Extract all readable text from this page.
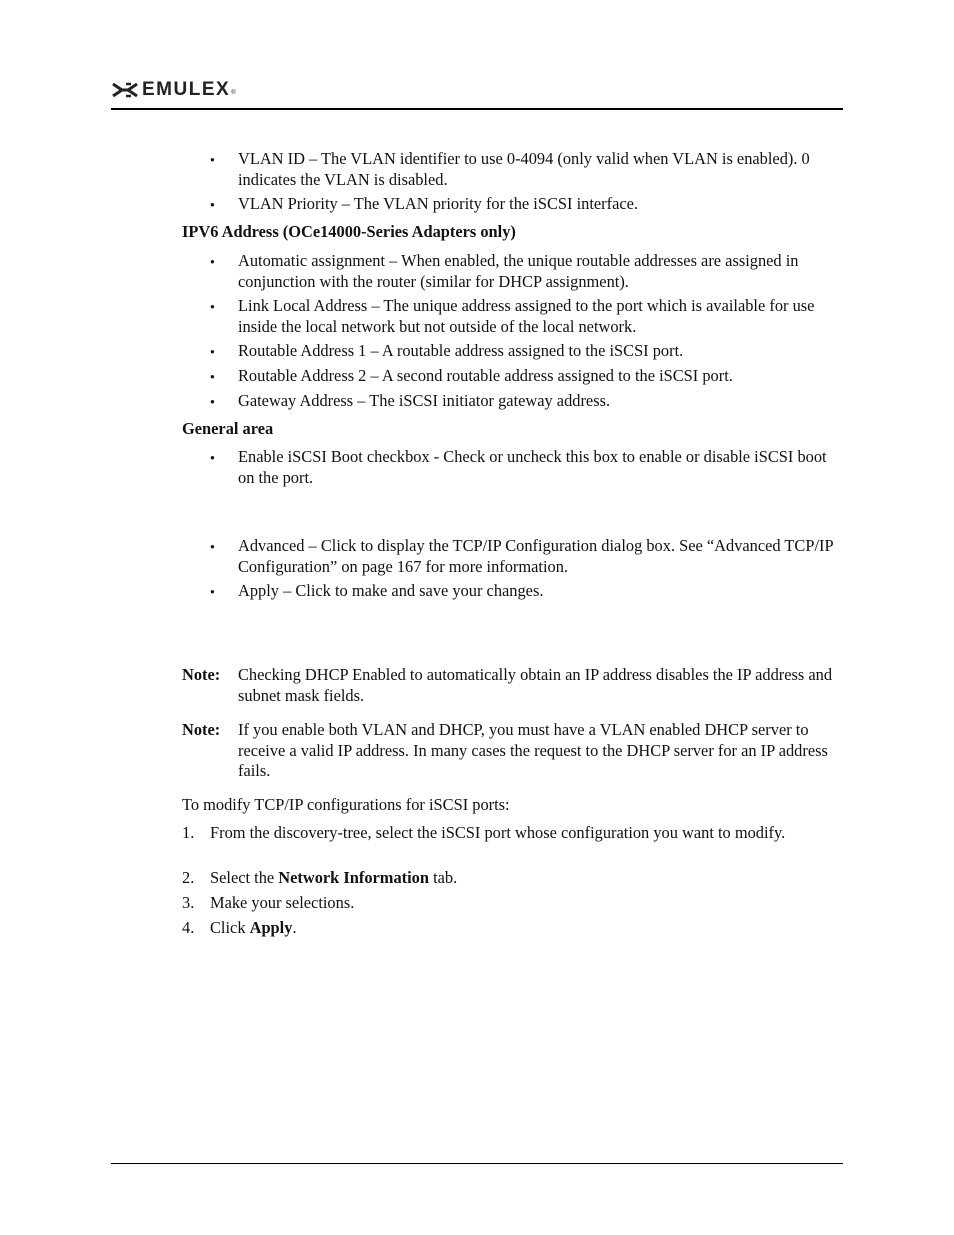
EMULEX ®
● VLAN ID – The VLAN identifier to use 0-4094 (only valid when VLAN is enabled). 0 indicates the VLAN is disabled.
● VLAN Priority – The VLAN priority for the iSCSI interface.
IPV6 Address (OCe14000-Series Adapters only)
● Automatic assignment – When enabled, the unique routable addresses are assigned in conjunction with the router (similar for DHCP assignment).
● Link Local Address – The unique address assigned to the port which is available for use inside the local network but not outside of the local network.
● Routable Address 1 – A routable address assigned to the iSCSI port.
● Routable Address 2 – A second routable address assigned to the iSCSI port.
● Gateway Address – The iSCSI initiator gateway address.
General area
● Enable iSCSI Boot checkbox - Check or uncheck this box to enable or disable iSCSI boot on the port.
● Advanced – Click to display the TCP/IP Configuration dialog box. See “Advanced TCP/IP Configuration” on page 167 for more information.
● Apply – Click to make and save your changes.
Note: Checking DHCP Enabled to automatically obtain an IP address disables the IP address and subnet mask fields.
Note: If you enable both VLAN and DHCP, you must have a VLAN enabled DHCP server to receive a valid IP address. In many cases the request to the DHCP server for an IP address fails.
To modify TCP/IP configurations for iSCSI ports:
1. From the discovery-tree, select the iSCSI port whose configuration you want to modify.
2. Select the Network Information tab.
3. Make your selections.
4. Click Apply.
